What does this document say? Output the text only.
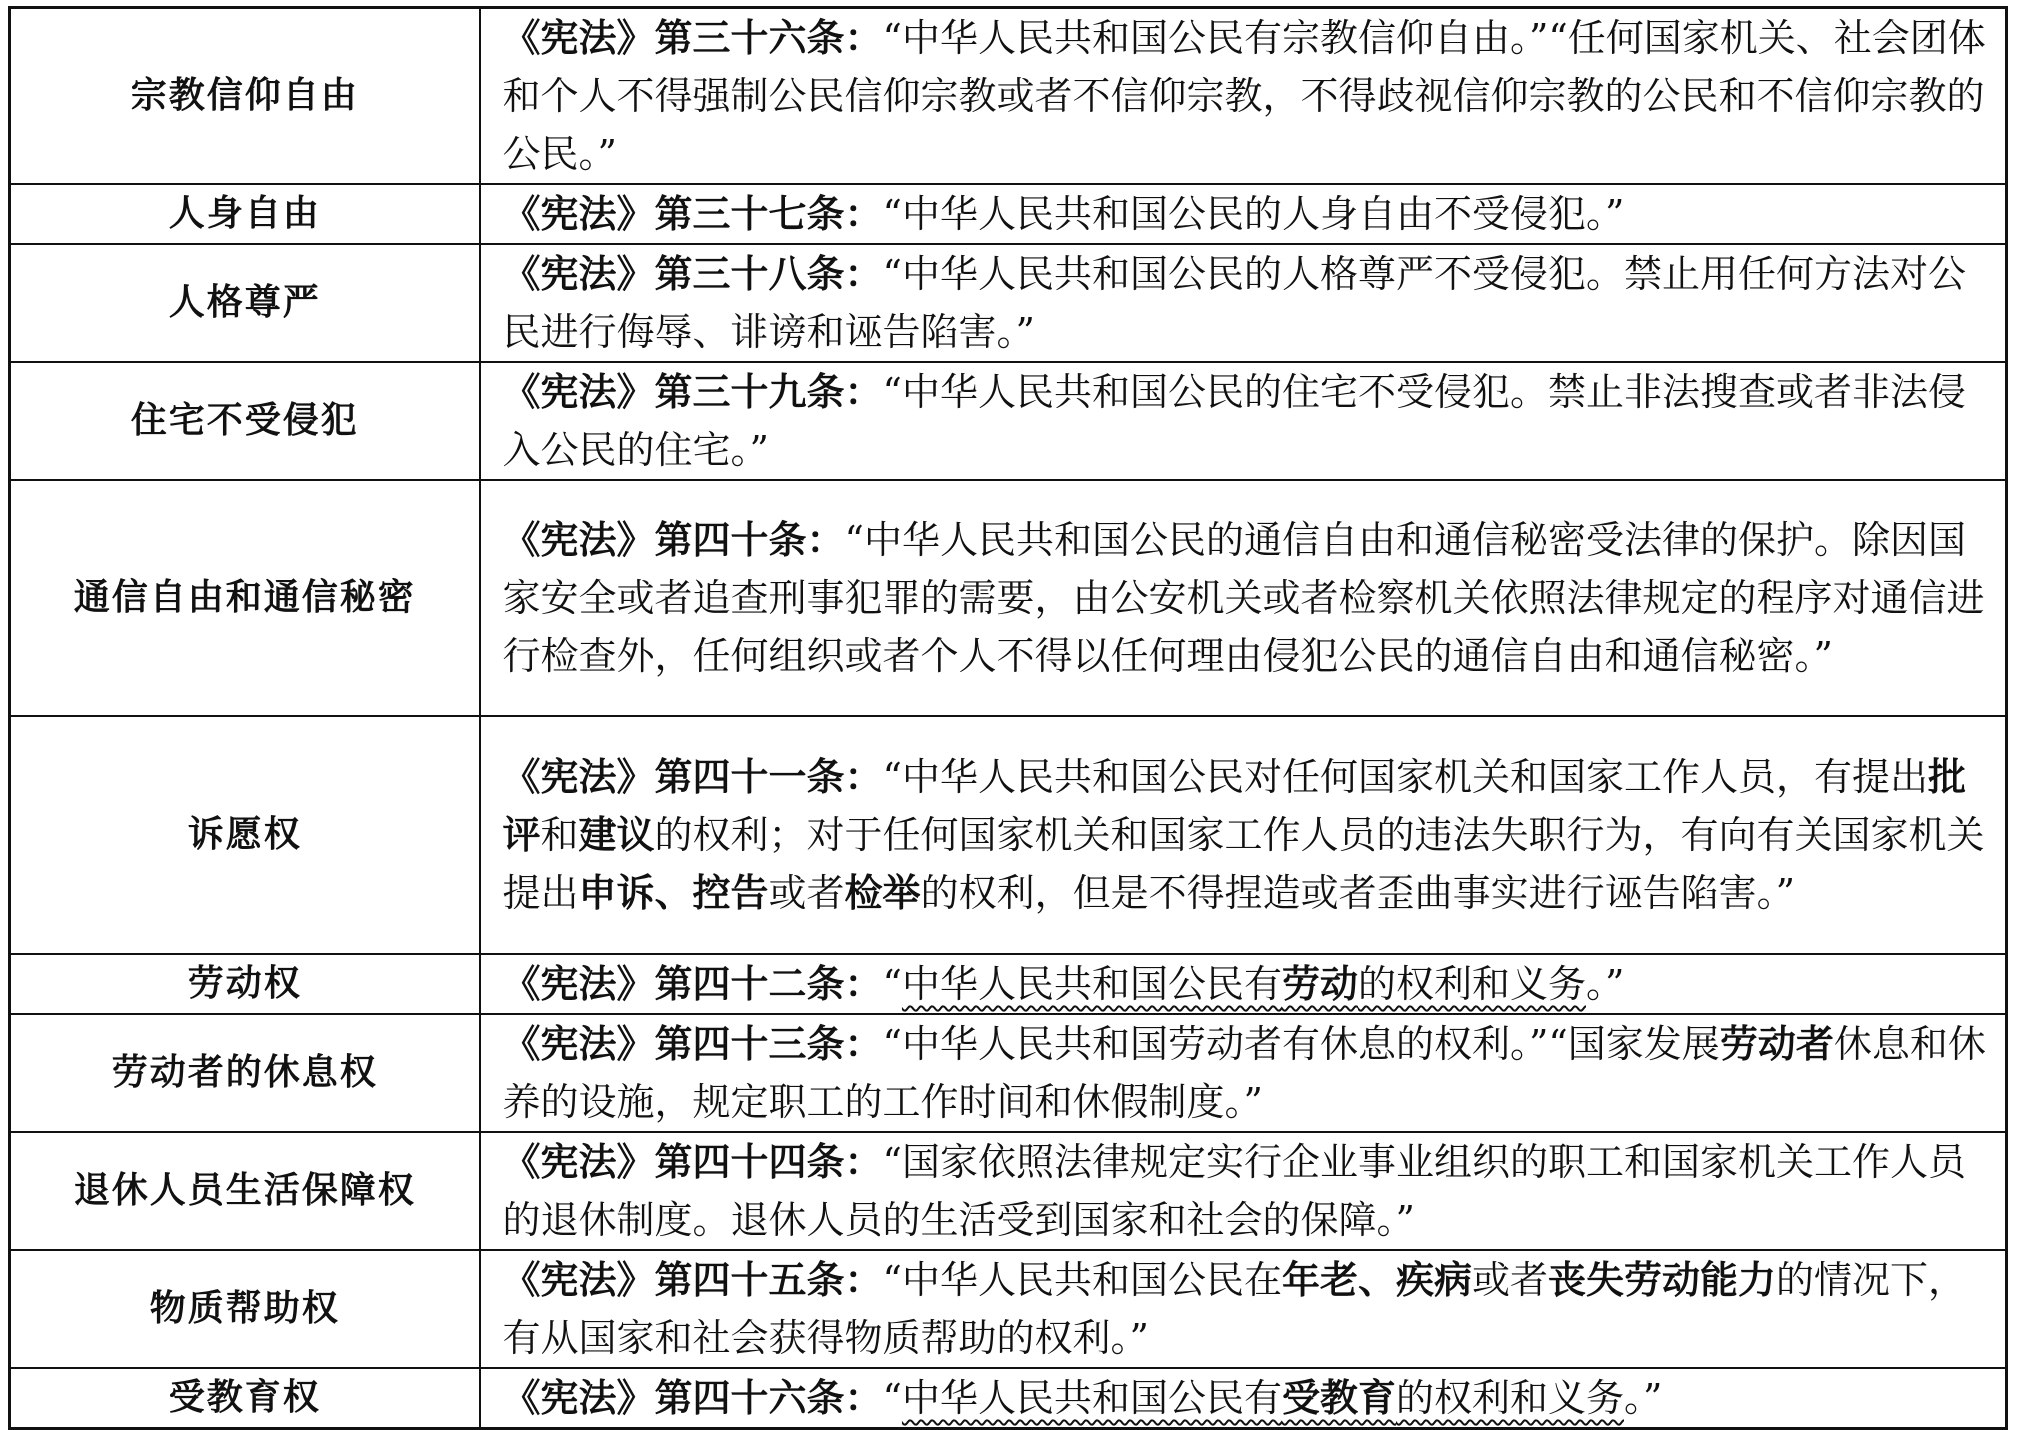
宗教信仰自由	《宪法》第三十六条：“中华人民共和国公民有宗教信仰自由。”“任何国家机关、社会团体和个人不得强制公民信仰宗教或者不信仰宗教，不得歧视信仰宗教的公民和不信仰宗教的公民。”
人身自由	《宪法》第三十七条：“中华人民共和国公民的人身自由不受侵犯。”
人格尊严	《宪法》第三十八条：“中华人民共和国公民的人格尊严不受侵犯。禁止用任何方法对公民进行侮辱、诽谤和诬告陷害。”
住宅不受侵犯	《宪法》第三十九条：“中华人民共和国公民的住宅不受侵犯。禁止非法搜查或者非法侵入公民的住宅。”
通信自由和通信秘密	《宪法》第四十条：“中华人民共和国公民的通信自由和通信秘密受法律的保护。除因国家安全或者追查刑事犯罪的需要，由公安机关或者检察机关依照法律规定的程序对通信进行检查外，任何组织或者个人不得以任何理由侵犯公民的通信自由和通信秘密。”
诉愿权	《宪法》第四十一条：“中华人民共和国公民对任何国家机关和国家工作人员，有提出批评和建议的权利；对于任何国家机关和国家工作人员的违法失职行为，有向有关国家机关提出申诉、控告或者检举的权利，但是不得捏造或者歪曲事实进行诬告陷害。”
劳动权	《宪法》第四十二条：“中华人民共和国公民有劳动的权利和义务。”
劳动者的休息权	《宪法》第四十三条：“中华人民共和国劳动者有休息的权利。”“国家发展劳动者休息和休养的设施，规定职工的工作时间和休假制度。”
退休人员生活保障权	《宪法》第四十四条：“国家依照法律规定实行企业事业组织的职工和国家机关工作人员的退休制度。退休人员的生活受到国家和社会的保障。”
物质帮助权	《宪法》第四十五条：“中华人民共和国公民在年老、疾病或者丧失劳动能力的情况下，有从国家和社会获得物质帮助的权利。”
受教育权	《宪法》第四十六条：“中华人民共和国公民有受教育的权利和义务。”
